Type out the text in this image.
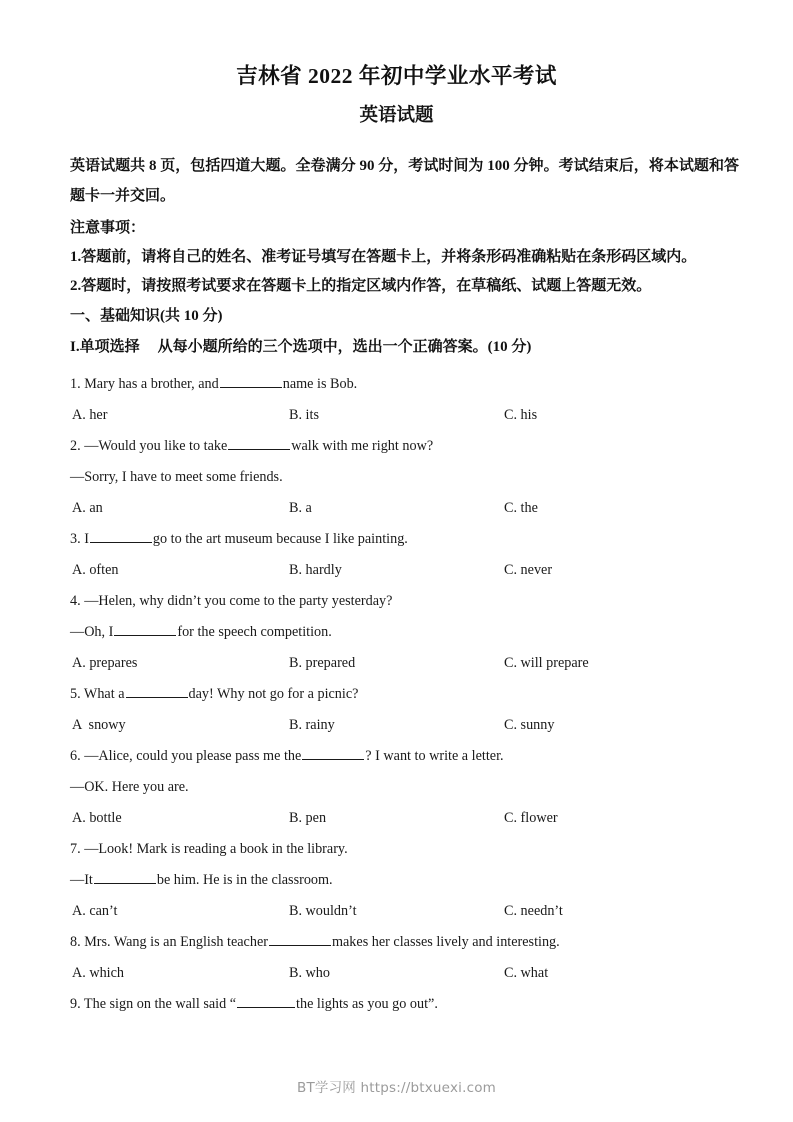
吉林省 2022 年初中学业水平考试
英语试题

英语试题共 8 页，包括四道大题。全卷满分 90 分，考试时间为 100 分钟。考试结束后，将本试题和答题卡一并交回。

注意事项：

1.答题前，请将自己的姓名、准考证号填写在答题卡上，并将条形码准确粘贴在条形码区域内。

2.答题时，请按照考试要求在答题卡上的指定区域内作答，在草稿纸、试题上答题无效。

一、基础知识(共 10 分)

I.单项选择 从每小题所给的三个选项中，选出一个正确答案。(10 分)

1. Mary has a brother, and	name is Bob.

A. her	B. its	C. his

2. —Would you like to take	walk with me right now?

—Sorry, I have to meet some friends.

A. an	B. a	C. the

3. I	go to the art museum because I like painting.

A. often	B. hardly	C. never

4. —Helen, why didn’t you come to the party yesterday?

—Oh, I	for the speech competition.

A. prepares	B. prepared	C. will prepare

5. What a	day! Why not go for a picnic?

A  snowy	B. rainy	C. sunny

6. —Alice, could you please pass me the	? I want to write a letter.

—OK. Here you are.

A. bottle	B. pen	C. flower

7. —Look! Mark is reading a book in the library.

—It	be him. He is in the classroom.

A. can’t	B. wouldn’t	C. needn’t

8. Mrs. Wang is an English teacher	makes her classes lively and interesting.

A. which	B. who	C. what

9. The sign on the wall said “	the lights as you go out”.

BT学习网 https://btxuexi.com
